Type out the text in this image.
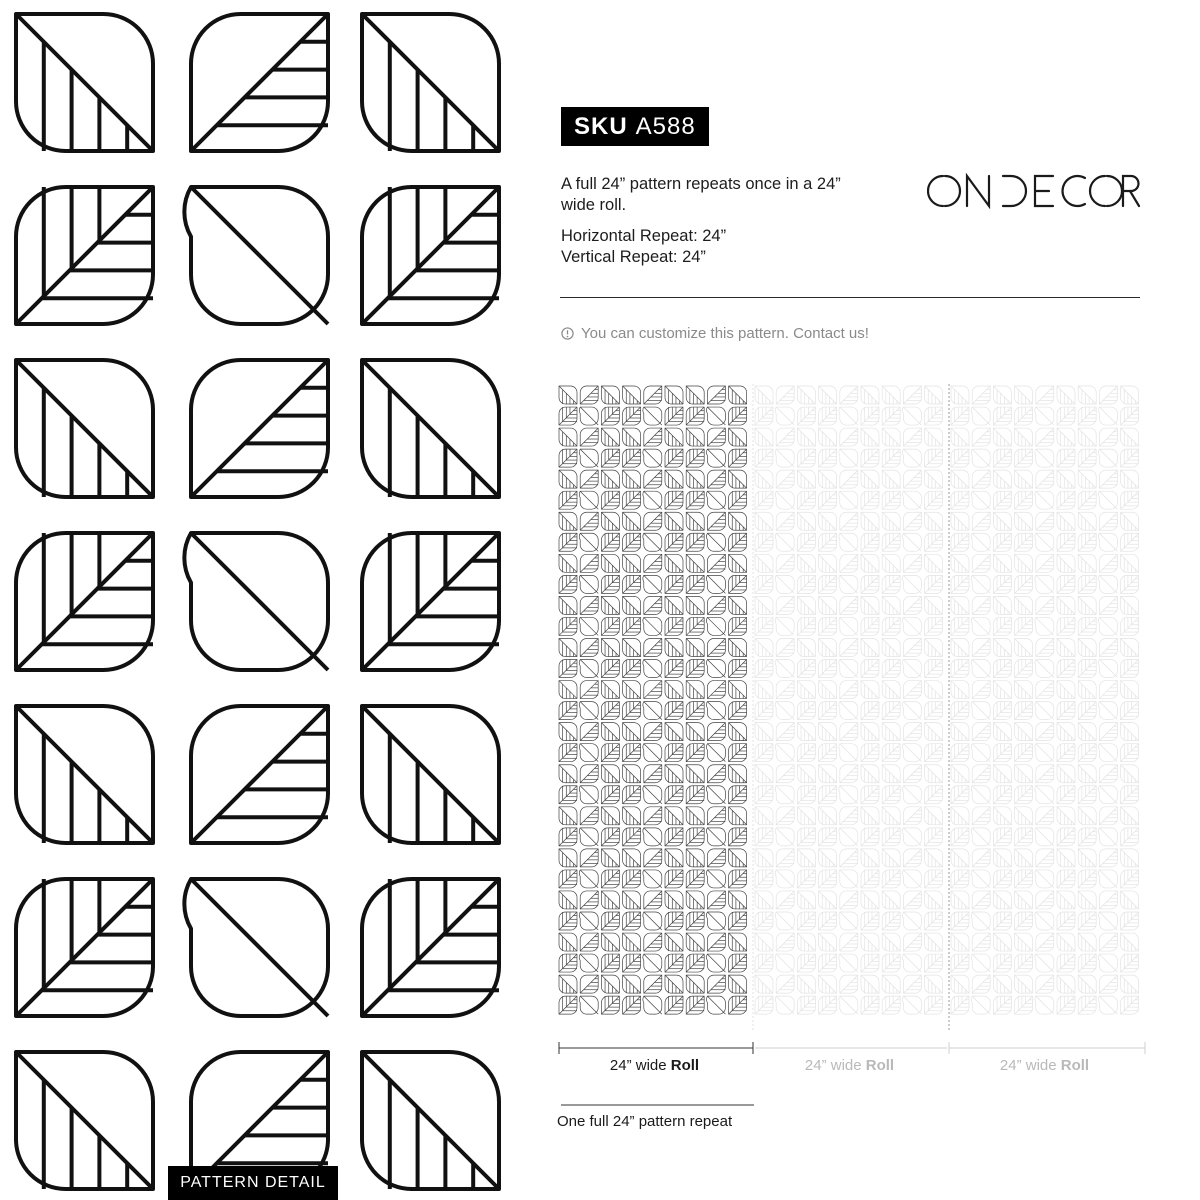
PATTERN DETAIL
SKU A588
A full 24” pattern repeats once in a 24” wide roll.
Horizontal Repeat: 24”
Vertical Repeat: 24”
You can customize this pattern. Contact us!
24” wide Roll	24” wide Roll	24” wide Roll
One full 24” pattern repeat
